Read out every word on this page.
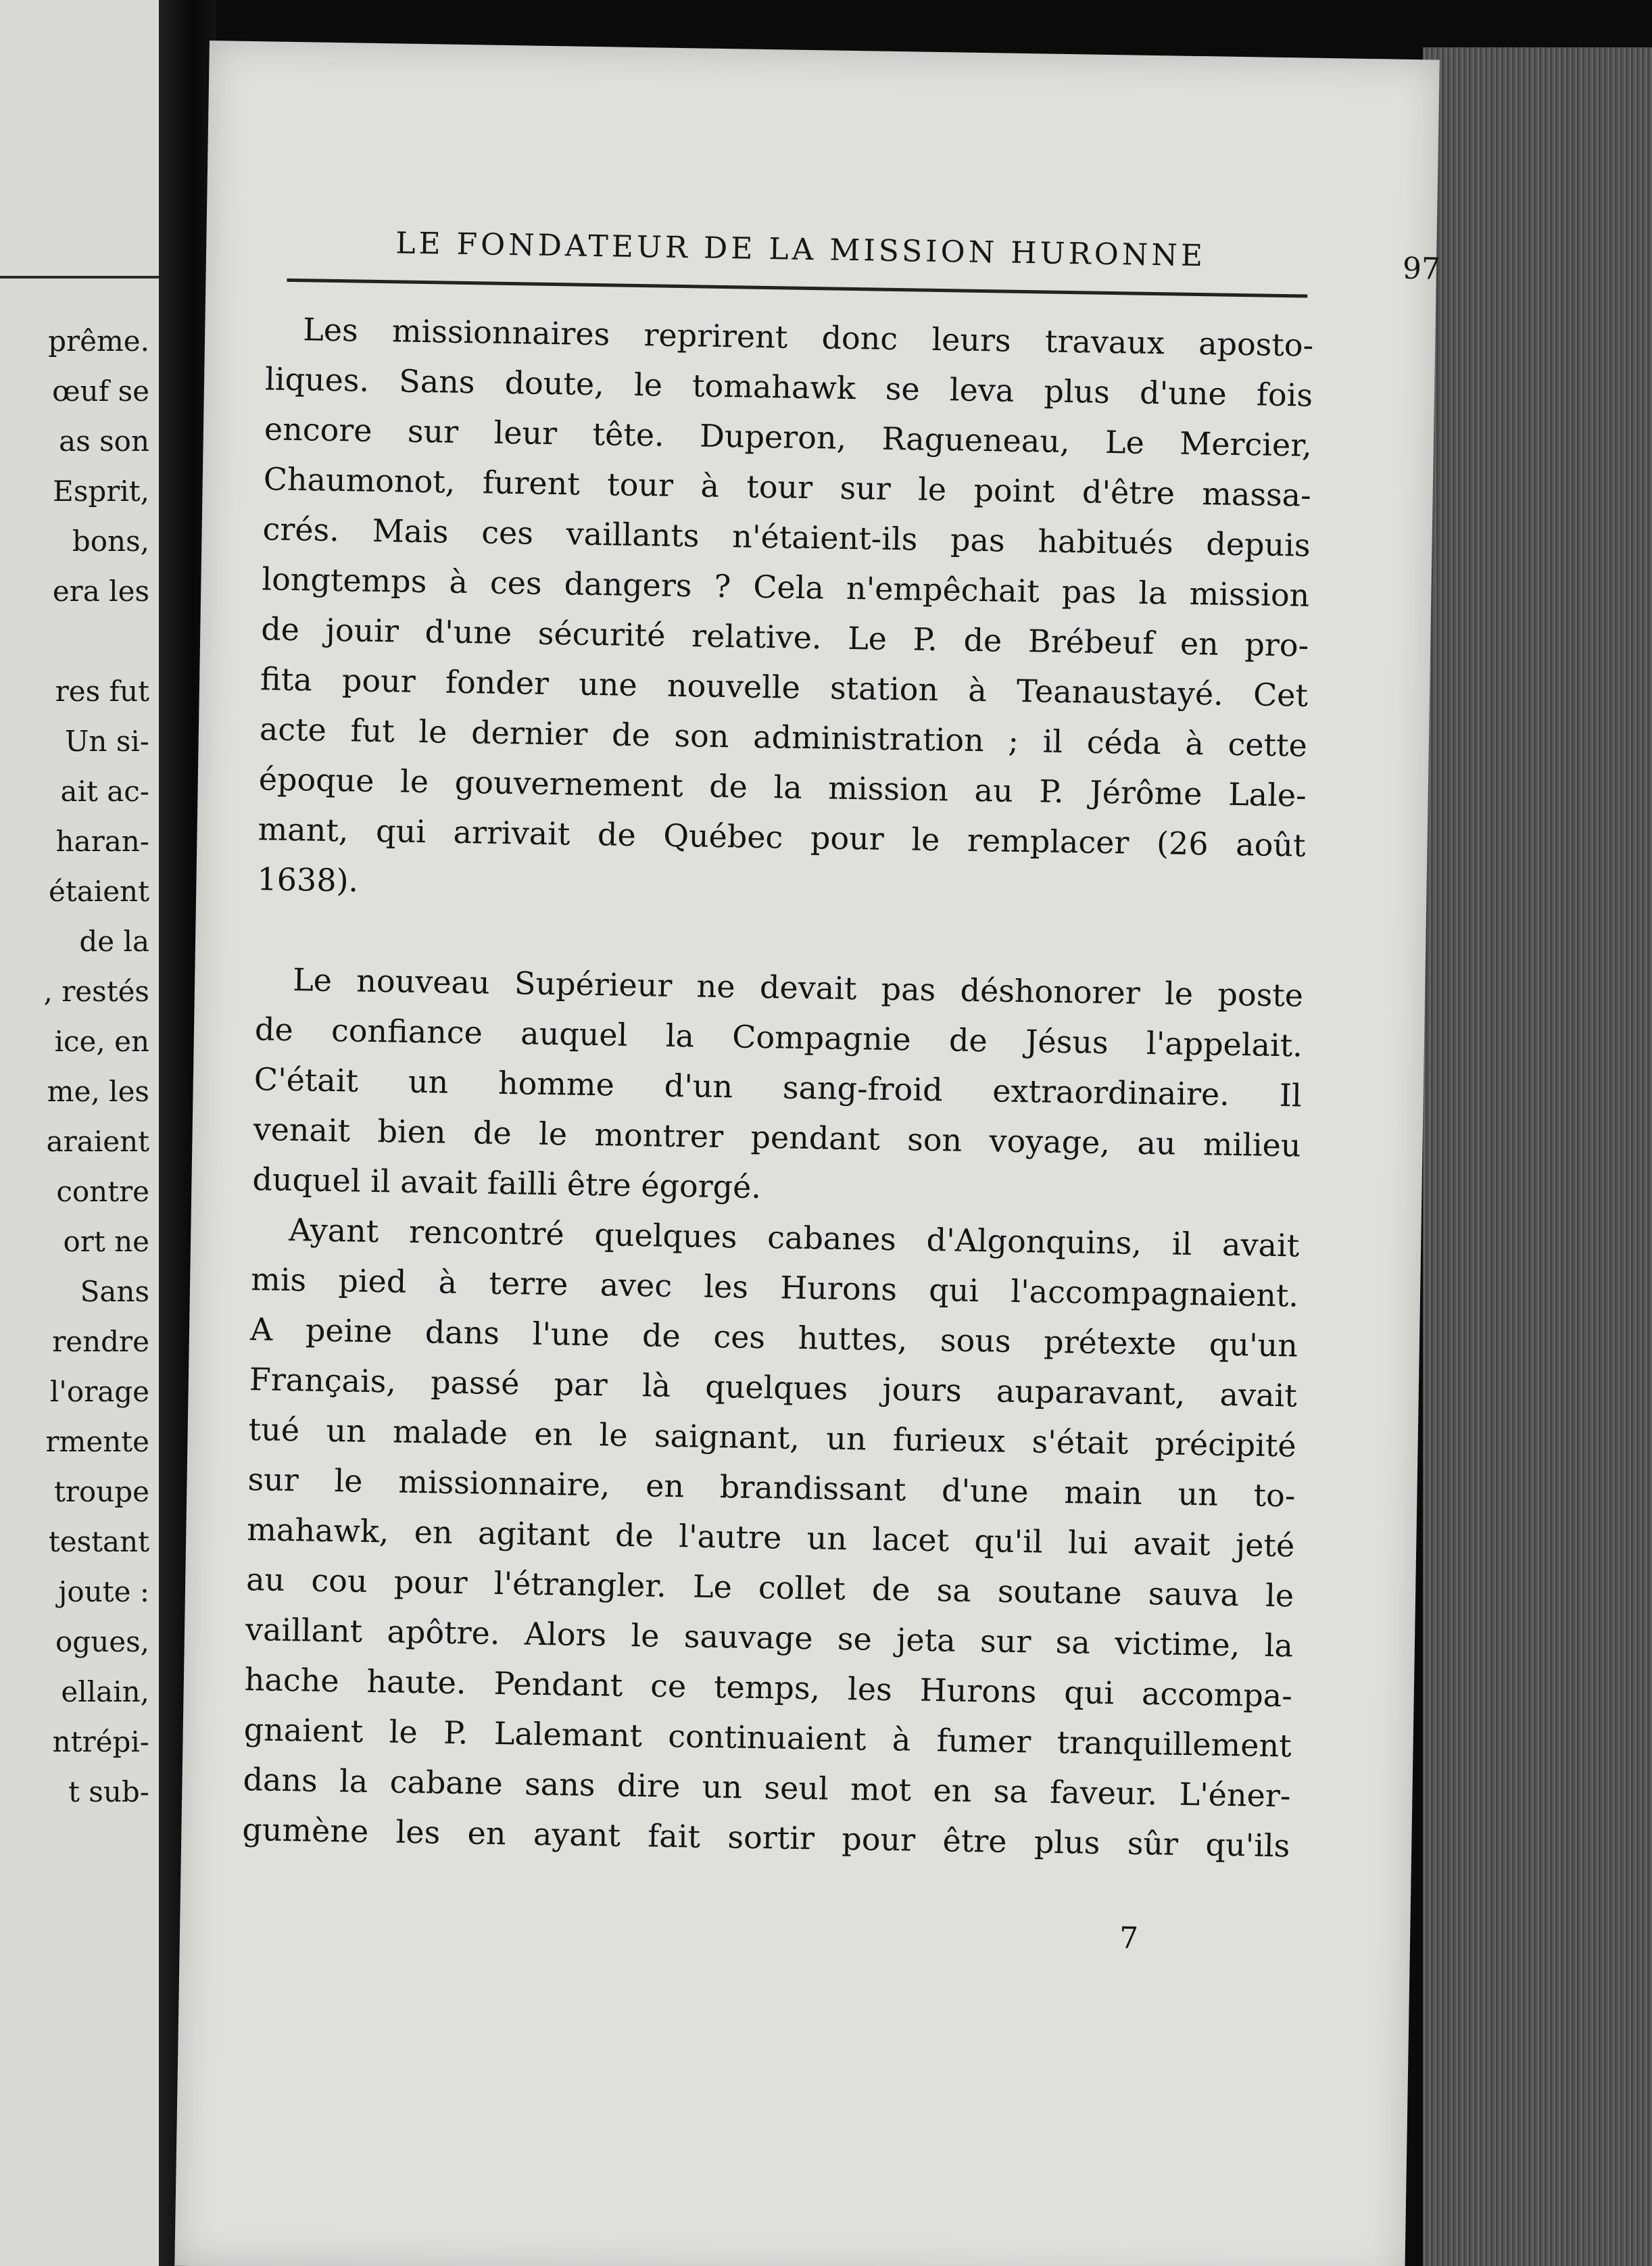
prême.
œuf se
as son
Esprit,
bons,
era les
res fut
Un si-
ait ac-
haran-
étaient
de la
, restés
ice, en
me, les
araient
contre
ort ne
Sans
rendre
l'orage
rmente
troupe
testant
joute :
ogues,
ellain,
ntrépi-
t sub-
LE FONDATEUR DE LA MISSION HURONNE	97
Les missionnaires reprirent donc leurs travaux aposto-
liques. Sans doute, le tomahawk se leva plus d'une fois
encore sur leur tête. Duperon, Ragueneau, Le Mercier,
Chaumonot, furent tour à tour sur le point d'être massa-
crés. Mais ces vaillants n'étaient-ils pas habitués depuis
longtemps à ces dangers ? Cela n'empêchait pas la mission
de jouir d'une sécurité relative. Le P. de Brébeuf en pro-
fita pour fonder une nouvelle station à Teanaustayé. Cet
acte fut le dernier de son administration ; il céda à cette
époque le gouvernement de la mission au P. Jérôme Lale-
mant, qui arrivait de Québec pour le remplacer (26 août
1638).
Le nouveau Supérieur ne devait pas déshonorer le poste
de confiance auquel la Compagnie de Jésus l'appelait.
C'était un homme d'un sang-froid extraordinaire. Il
venait bien de le montrer pendant son voyage, au milieu
duquel il avait failli être égorgé.
Ayant rencontré quelques cabanes d'Algonquins, il avait
mis pied à terre avec les Hurons qui l'accompagnaient.
A peine dans l'une de ces huttes, sous prétexte qu'un
Français, passé par là quelques jours auparavant, avait
tué un malade en le saignant, un furieux s'était précipité
sur le missionnaire, en brandissant d'une main un to-
mahawk, en agitant de l'autre un lacet qu'il lui avait jeté
au cou pour l'étrangler. Le collet de sa soutane sauva le
vaillant apôtre. Alors le sauvage se jeta sur sa victime, la
hache haute. Pendant ce temps, les Hurons qui accompa-
gnaient le P. Lalemant continuaient à fumer tranquillement
dans la cabane sans dire un seul mot en sa faveur. L'éner-
gumène les en ayant fait sortir pour être plus sûr qu'ils
7
